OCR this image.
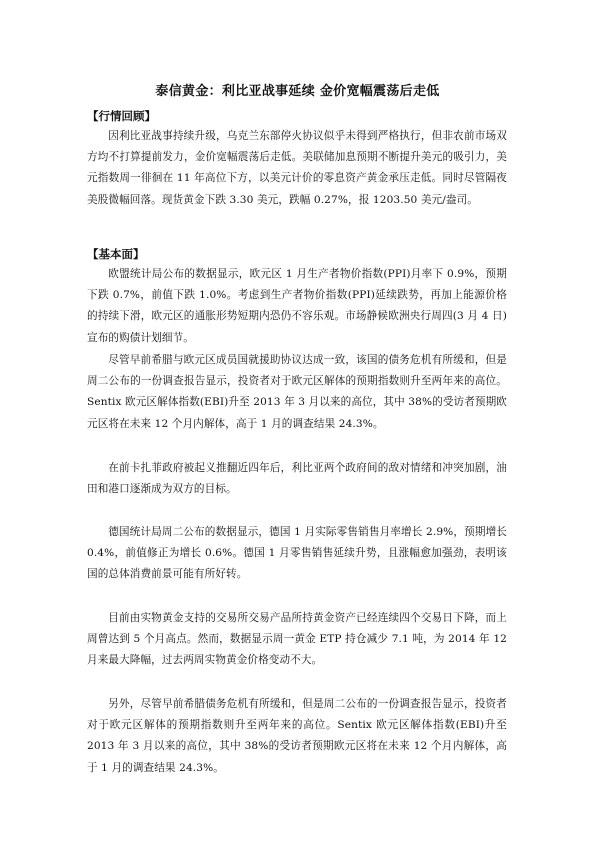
泰信黄金：利比亚战事延续 金价宽幅震荡后走低
【行情回顾】
因利比亚战事持续升级，乌克兰东部停火协议似乎未得到严格执行，但非农前市场双方均不打算提前发力，金价宽幅震荡后走低。美联储加息预期不断提升美元的吸引力，美元指数周一徘徊在 11 年高位下方，以美元计价的零息资产黄金承压走低。同时尽管隔夜美股微幅回落。现货黄金下跌 3.30 美元，跌幅 0.27%，报 1203.50 美元/盎司。
【基本面】
欧盟统计局公布的数据显示，欧元区 1 月生产者物价指数(PPI)月率下 0.9%，预期下跌 0.7%，前值下跌 1.0%。考虑到生产者物价指数(PPI)延续跌势，再加上能源价格的持续下滑，欧元区的通胀形势短期内恐仍不容乐观。市场静候欧洲央行周四(3 月 4 日)宣布的购债计划细节。
尽管早前希腊与欧元区成员国就援助协议达成一致，该国的债务危机有所缓和，但是周二公布的一份调查报告显示，投资者对于欧元区解体的预期指数则升至两年来的高位。Sentix 欧元区解体指数(EBI)升至 2013 年 3 月以来的高位，其中 38%的受访者预期欧元区将在未来 12 个月内解体，高于 1 月的调查结果 24.3%。
在前卡扎菲政府被起义推翻近四年后，利比亚两个政府间的敌对情绪和冲突加剧，油田和港口逐渐成为双方的目标。
德国统计局周二公布的数据显示，德国 1 月实际零售销售月率增长 2.9%，预期增长 0.4%，前值修正为增长 0.6%。德国 1 月零售销售延续升势，且涨幅愈加强劲，表明该国的总体消费前景可能有所好转。
目前由实物黄金支持的交易所交易产品所持黄金资产已经连续四个交易日下降，而上周曾达到 5 个月高点。然而，数据显示周一黄金 ETP 持仓减少 7.1 吨，为 2014 年 12 月来最大降幅，过去两周实物黄金价格变动不大。
另外，尽管早前希腊债务危机有所缓和，但是周二公布的一份调查报告显示，投资者对于欧元区解体的预期指数则升至两年来的高位。Sentix 欧元区解体指数(EBI)升至 2013 年 3 月以来的高位，其中 38%的受访者预期欧元区将在未来 12 个月内解体，高于 1 月的调查结果 24.3%。
